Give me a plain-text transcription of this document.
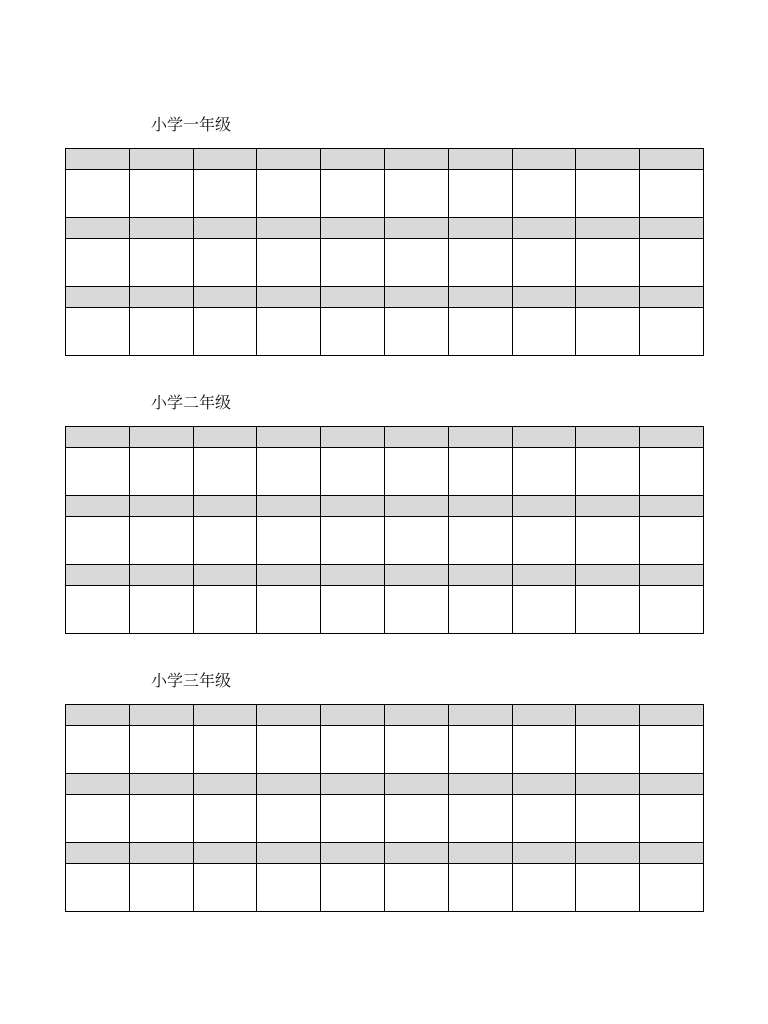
小学一年级

小学二年级

小学三年级
